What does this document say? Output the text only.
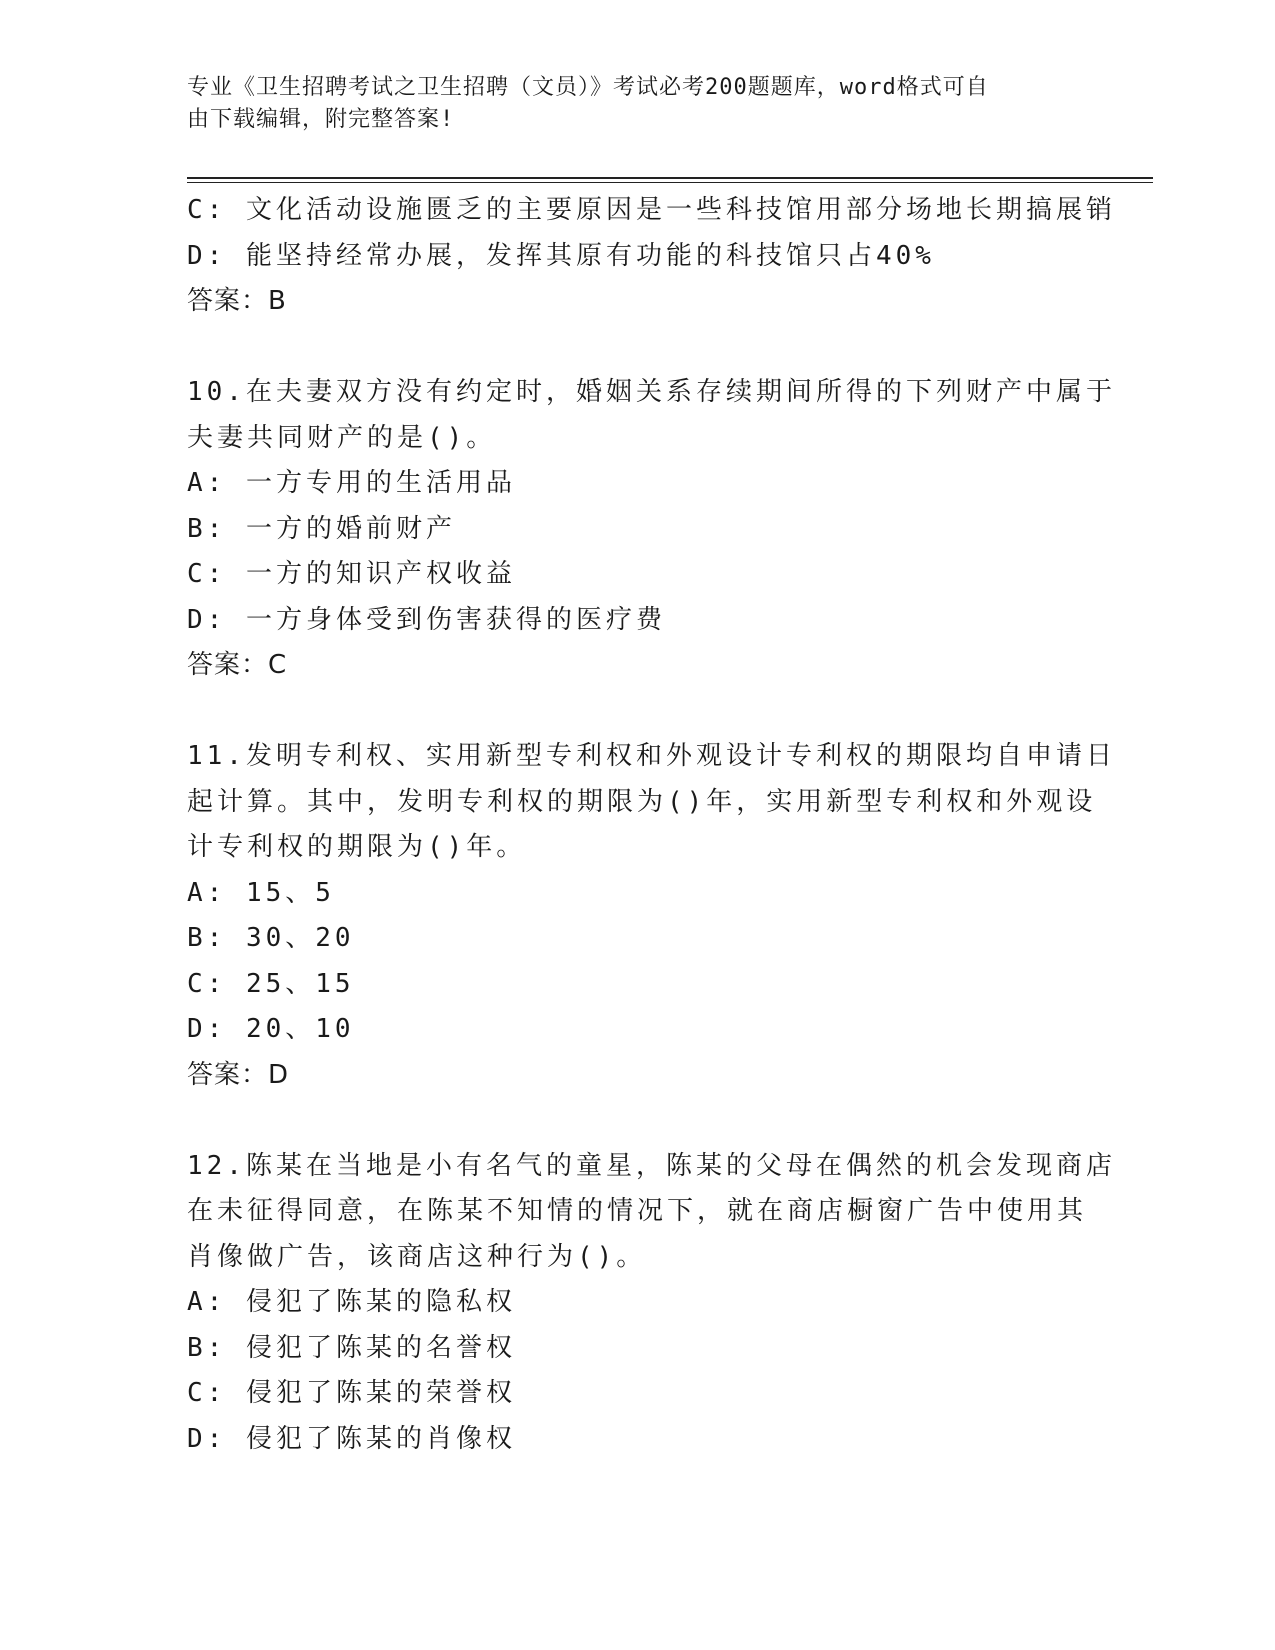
专业《卫生招聘考试之卫生招聘（文员）》考试必考200题题库，word格式可自
由下载编辑，附完整答案!
C: 文化活动设施匮乏的主要原因是一些科技馆用部分场地长期搞展销
D: 能坚持经常办展，发挥其原有功能的科技馆只占40%
答案：B
10.在夫妻双方没有约定时，婚姻关系存续期间所得的下列财产中属于
夫妻共同财产的是()。
A: 一方专用的生活用品
B: 一方的婚前财产
C: 一方的知识产权收益
D: 一方身体受到伤害获得的医疗费
答案：C
11.发明专利权、实用新型专利权和外观设计专利权的期限均自申请日
起计算。其中，发明专利权的期限为()年，实用新型专利权和外观设
计专利权的期限为()年。
A: 15、5
B: 30、20
C: 25、15
D: 20、10
答案：D
12.陈某在当地是小有名气的童星，陈某的父母在偶然的机会发现商店
在未征得同意，在陈某不知情的情况下，就在商店橱窗广告中使用其
肖像做广告，该商店这种行为()。
A: 侵犯了陈某的隐私权
B: 侵犯了陈某的名誉权
C: 侵犯了陈某的荣誉权
D: 侵犯了陈某的肖像权
